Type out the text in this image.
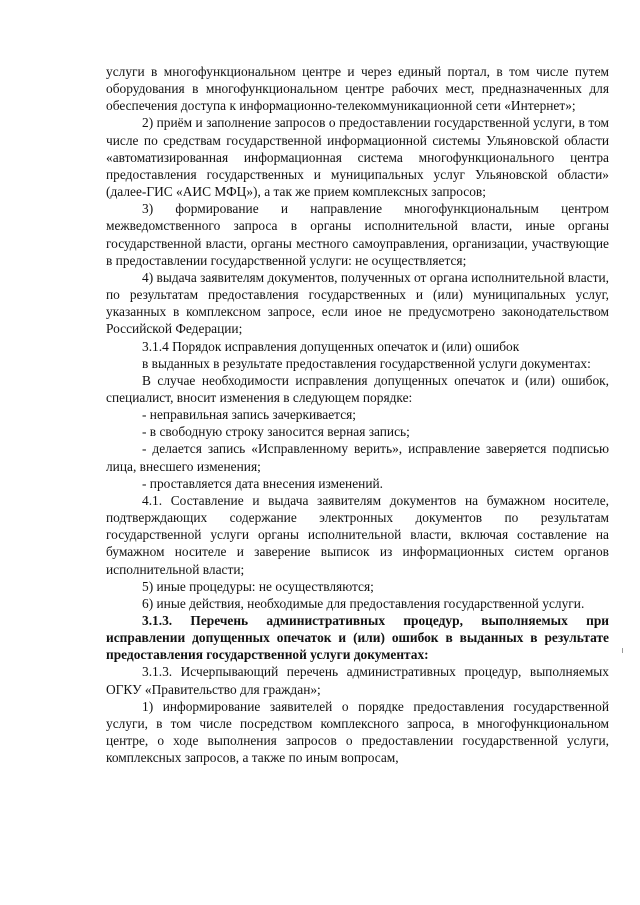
услуги в многофункциональном центре и через единый портал, в том числе путем оборудования в многофункциональном центре рабочих мест, предназначенных для обеспечения доступа к информационно-телекоммуникационной сети «Интернет»;

2) приём и заполнение запросов о предоставлении государственной услуги, в том числе по средствам государственной информационной системы Ульяновской области «автоматизированная информационная система многофункционального центра предоставления государственных и муниципальных услуг Ульяновской области» (далее-ГИС «АИС МФЦ»), а так же прием комплексных запросов;

3) формирование и направление многофункциональным центром межведомственного запроса в органы исполнительной власти, иные органы государственной власти, органы местного самоуправления, организации, участвующие в предоставлении государственной услуги: не осуществляется;

4) выдача заявителям документов, полученных от органа исполнительной власти, по результатам предоставления государственных и (или) муниципальных услуг, указанных в комплексном запросе, если иное не предусмотрено законодательством Российской Федерации;

3.1.4 Порядок исправления допущенных опечаток и (или) ошибок

в выданных в результате предоставления государственной услуги документах:

В случае необходимости исправления допущенных опечаток и (или) ошибок, специалист, вносит изменения в следующем порядке:

- неправильная запись зачеркивается;

- в свободную строку заносится верная запись;

- делается запись «Исправленному верить», исправление заверяется подписью лица, внесшего изменения;

- проставляется дата внесения изменений.

4.1. Составление и выдача заявителям документов на бумажном носителе, подтверждающих содержание электронных документов по результатам государственной услуги органы исполнительной власти, включая составление на бумажном носителе и заверение выписок из информационных систем органов исполнительной власти;

5) иные процедуры: не осуществляются;

6) иные действия, необходимые для предоставления государственной услуги.

3.1.3. Перечень административных процедур, выполняемых при исправлении допущенных опечаток и (или) ошибок в выданных в результате предоставления государственной услуги документах:

3.1.3. Исчерпывающий перечень административных процедур, выполняемых ОГКУ «Правительство для граждан»;

1) информирование заявителей о порядке предоставления государственной услуги, в том числе посредством комплексного запроса, в многофункциональном центре, о ходе выполнения запросов о предоставлении государственной услуги, комплексных запросов, а также по иным вопросам,
